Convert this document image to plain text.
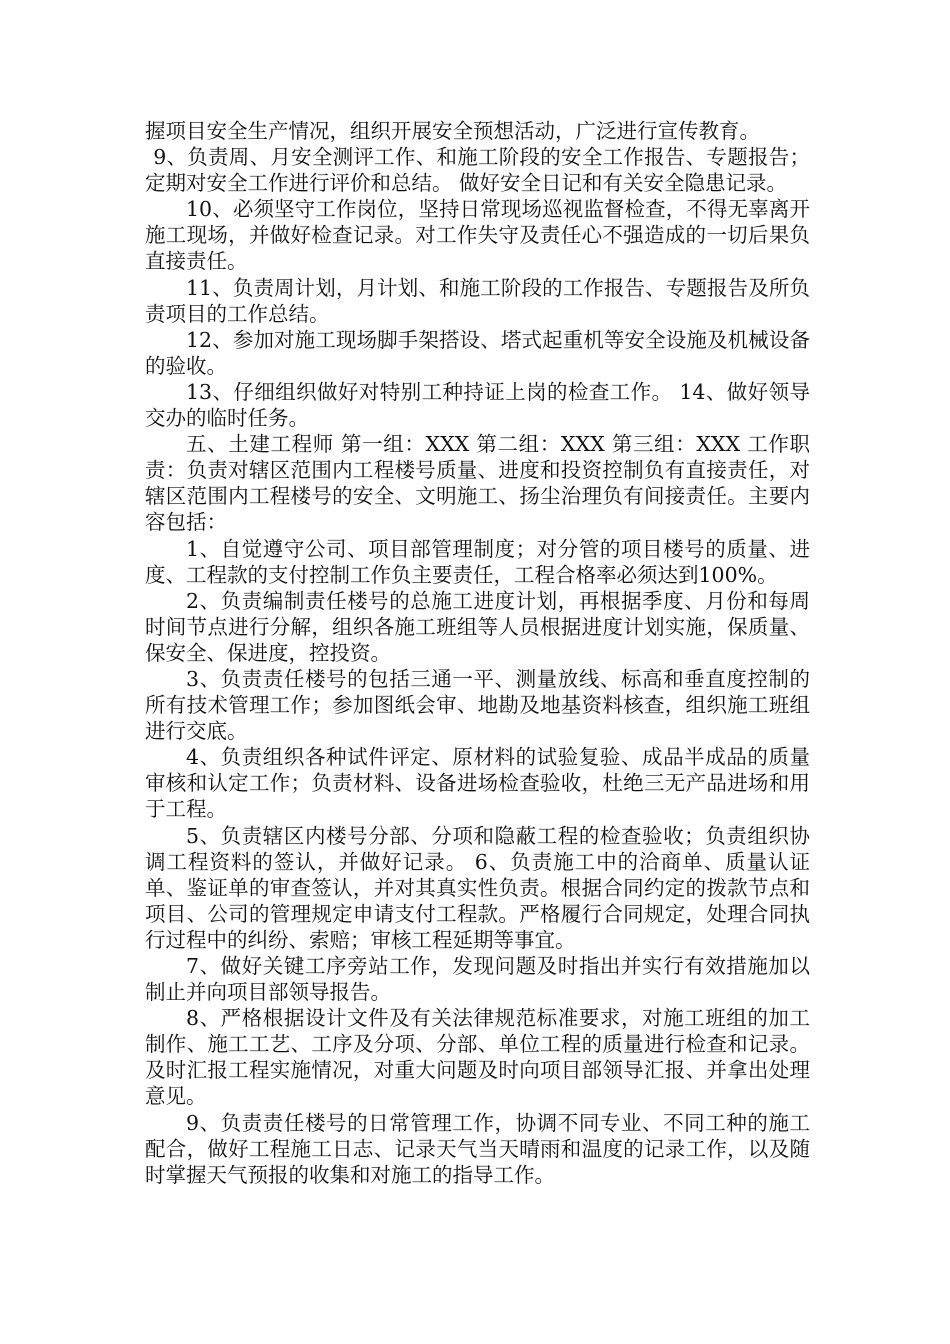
握项目安全生产情况，组织开展安全预想活动，广泛进行宣传教育。

9、负责周、月安全测评工作、和施工阶段的安全工作报告、专题报告；定期对安全工作进行评价和总结。 做好安全日记和有关安全隐患记录。

10、必须坚守工作岗位，坚持日常现场巡视监督检查，不得无辜离开施工现场，并做好检查记录。对工作失守及责任心不强造成的一切后果负直接责任。

11、负责周计划，月计划、和施工阶段的工作报告、专题报告及所负责项目的工作总结。

12、参加对施工现场脚手架搭设、塔式起重机等安全设施及机械设备的验收。

13、仔细组织做好对特别工种持证上岗的检查工作。 14、做好领导交办的临时任务。

五、土建工程师 第一组：XXX 第二组：XXX 第三组：XXX 工作职责：负责对辖区范围内工程楼号质量、进度和投资控制负有直接责任，对辖区范围内工程楼号的安全、文明施工、扬尘治理负有间接责任。主要内容包括：

1、自觉遵守公司、项目部管理制度；对分管的项目楼号的质量、进度、工程款的支付控制工作负主要责任，工程合格率必须达到100%。

2、负责编制责任楼号的总施工进度计划，再根据季度、月份和每周时间节点进行分解，组织各施工班组等人员根据进度计划实施，保质量、保安全、保进度，控投资。

3、负责责任楼号的包括三通一平、测量放线、标高和垂直度控制的所有技术管理工作；参加图纸会审、地勘及地基资料核查，组织施工班组进行交底。

4、负责组织各种试件评定、原材料的试验复验、成品半成品的质量审核和认定工作；负责材料、设备进场检查验收，杜绝三无产品进场和用于工程。

5、负责辖区内楼号分部、分项和隐蔽工程的检查验收；负责组织协调工程资料的签认，并做好记录。 6、负责施工中的洽商单、质量认证单、鉴证单的审查签认，并对其真实性负责。根据合同约定的拨款节点和项目、公司的管理规定申请支付工程款。严格履行合同规定，处理合同执行过程中的纠纷、索赔；审核工程延期等事宜。

7、做好关键工序旁站工作，发现问题及时指出并实行有效措施加以制止并向项目部领导报告。

8、严格根据设计文件及有关法律规范标准要求，对施工班组的加工制作、施工工艺、工序及分项、分部、单位工程的质量进行检查和记录。及时汇报工程实施情况，对重大问题及时向项目部领导汇报、并拿出处理意见。

9、负责责任楼号的日常管理工作，协调不同专业、不同工种的施工配合，做好工程施工日志、记录天气当天晴雨和温度的记录工作，以及随时掌握天气预报的收集和对施工的指导工作。
